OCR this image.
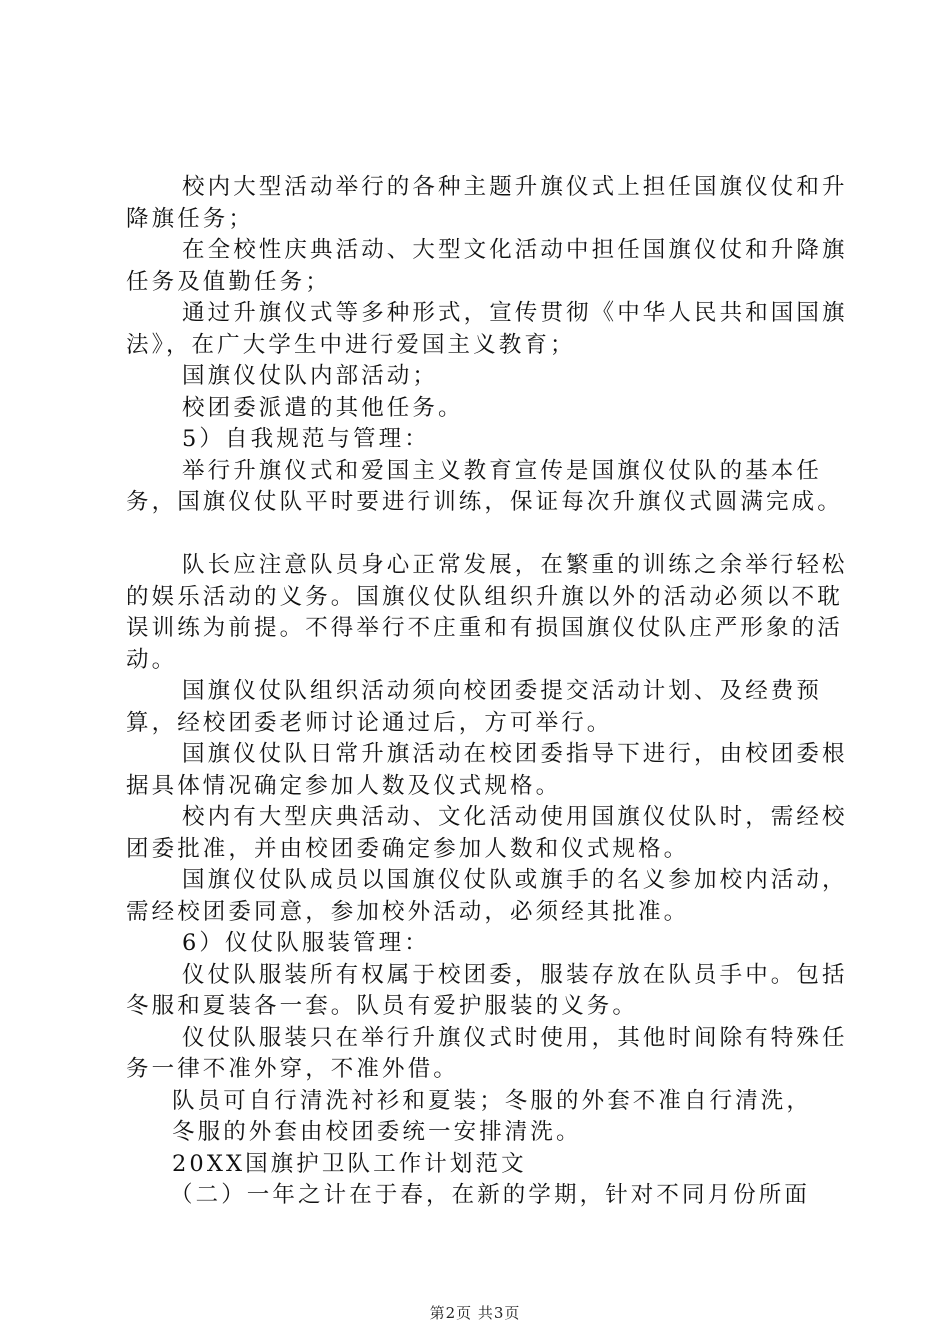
校内大型活动举行的各种主题升旗仪式上担任国旗仪仗和升降旗任务；

在全校性庆典活动、大型文化活动中担任国旗仪仗和升降旗任务及值勤任务；

通过升旗仪式等多种形式，宣传贯彻《中华人民共和国国旗法》，在广大学生中进行爱国主义教育；

国旗仪仗队内部活动；

校团委派遣的其他任务。

5）自我规范与管理：

举行升旗仪式和爱国主义教育宣传是国旗仪仗队的基本任务，国旗仪仗队平时要进行训练，保证每次升旗仪式圆满完成。

队长应注意队员身心正常发展，在繁重的训练之余举行轻松的娱乐活动的义务。国旗仪仗队组织升旗以外的活动必须以不耽误训练为前提。不得举行不庄重和有损国旗仪仗队庄严形象的活动。

国旗仪仗队组织活动须向校团委提交活动计划、及经费预算，经校团委老师讨论通过后，方可举行。

国旗仪仗队日常升旗活动在校团委指导下进行，由校团委根据具体情况确定参加人数及仪式规格。

校内有大型庆典活动、文化活动使用国旗仪仗队时，需经校团委批准，并由校团委确定参加人数和仪式规格。

国旗仪仗队成员以国旗仪仗队或旗手的名义参加校内活动，需经校团委同意，参加校外活动，必须经其批准。

6）仪仗队服装管理：

仪仗队服装所有权属于校团委，服装存放在队员手中。包括冬服和夏装各一套。队员有爱护服装的义务。

仪仗队服装只在举行升旗仪式时使用，其他时间除有特殊任务一律不准外穿，不准外借。

队员可自行清洗衬衫和夏装；冬服的外套不准自行清洗，

冬服的外套由校团委统一安排清洗。

20XX国旗护卫队工作计划范文

（二）一年之计在于春，在新的学期，针对不同月份所面

第2页 共3页
